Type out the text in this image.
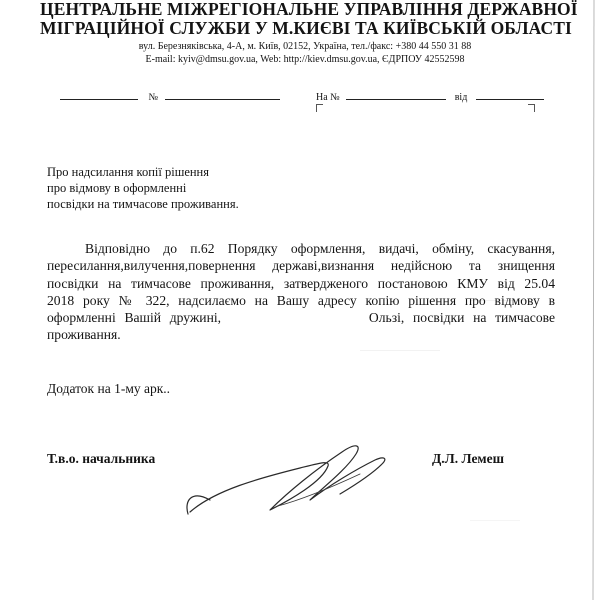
ЦЕНТРАЛЬНЕ МІЖРЕГІОНАЛЬНЕ УПРАВЛІННЯ ДЕРЖАВНОЇ
МІГРАЦІЙНОЇ СЛУЖБИ У М.КИЄВІ ТА КИЇВСЬКІЙ ОБЛАСТІ
вул. Березняківська, 4-А, м. Київ, 02152, Україна, тел./факс: +380 44 550 31 88
E-mail: kyiv@dmsu.gov.ua, Web: http://kiev.dmsu.gov.ua, ЄДРПОУ 42552598
№	На №	від
Про надсилання копії рішення
про відмову в оформленні
посвідки на тимчасове проживання.
Відповідно до п.62 Порядку оформлення, видачі, обміну, скасування,
пересилання,вилучення,повернення державі,визнання недійсною та знищення
посвідки на тимчасове проживання, затвердженого постановою КМУ від 25.04
2018 року № 322, надсилаємо на Вашу адресу копію рішення про відмову в
оформленні Вашій дружині,                 Ользі, посвідки на тимчасове
проживання.
Додаток на 1-му арк..
Т.в.о. начальника	Д.Л. Лемеш
